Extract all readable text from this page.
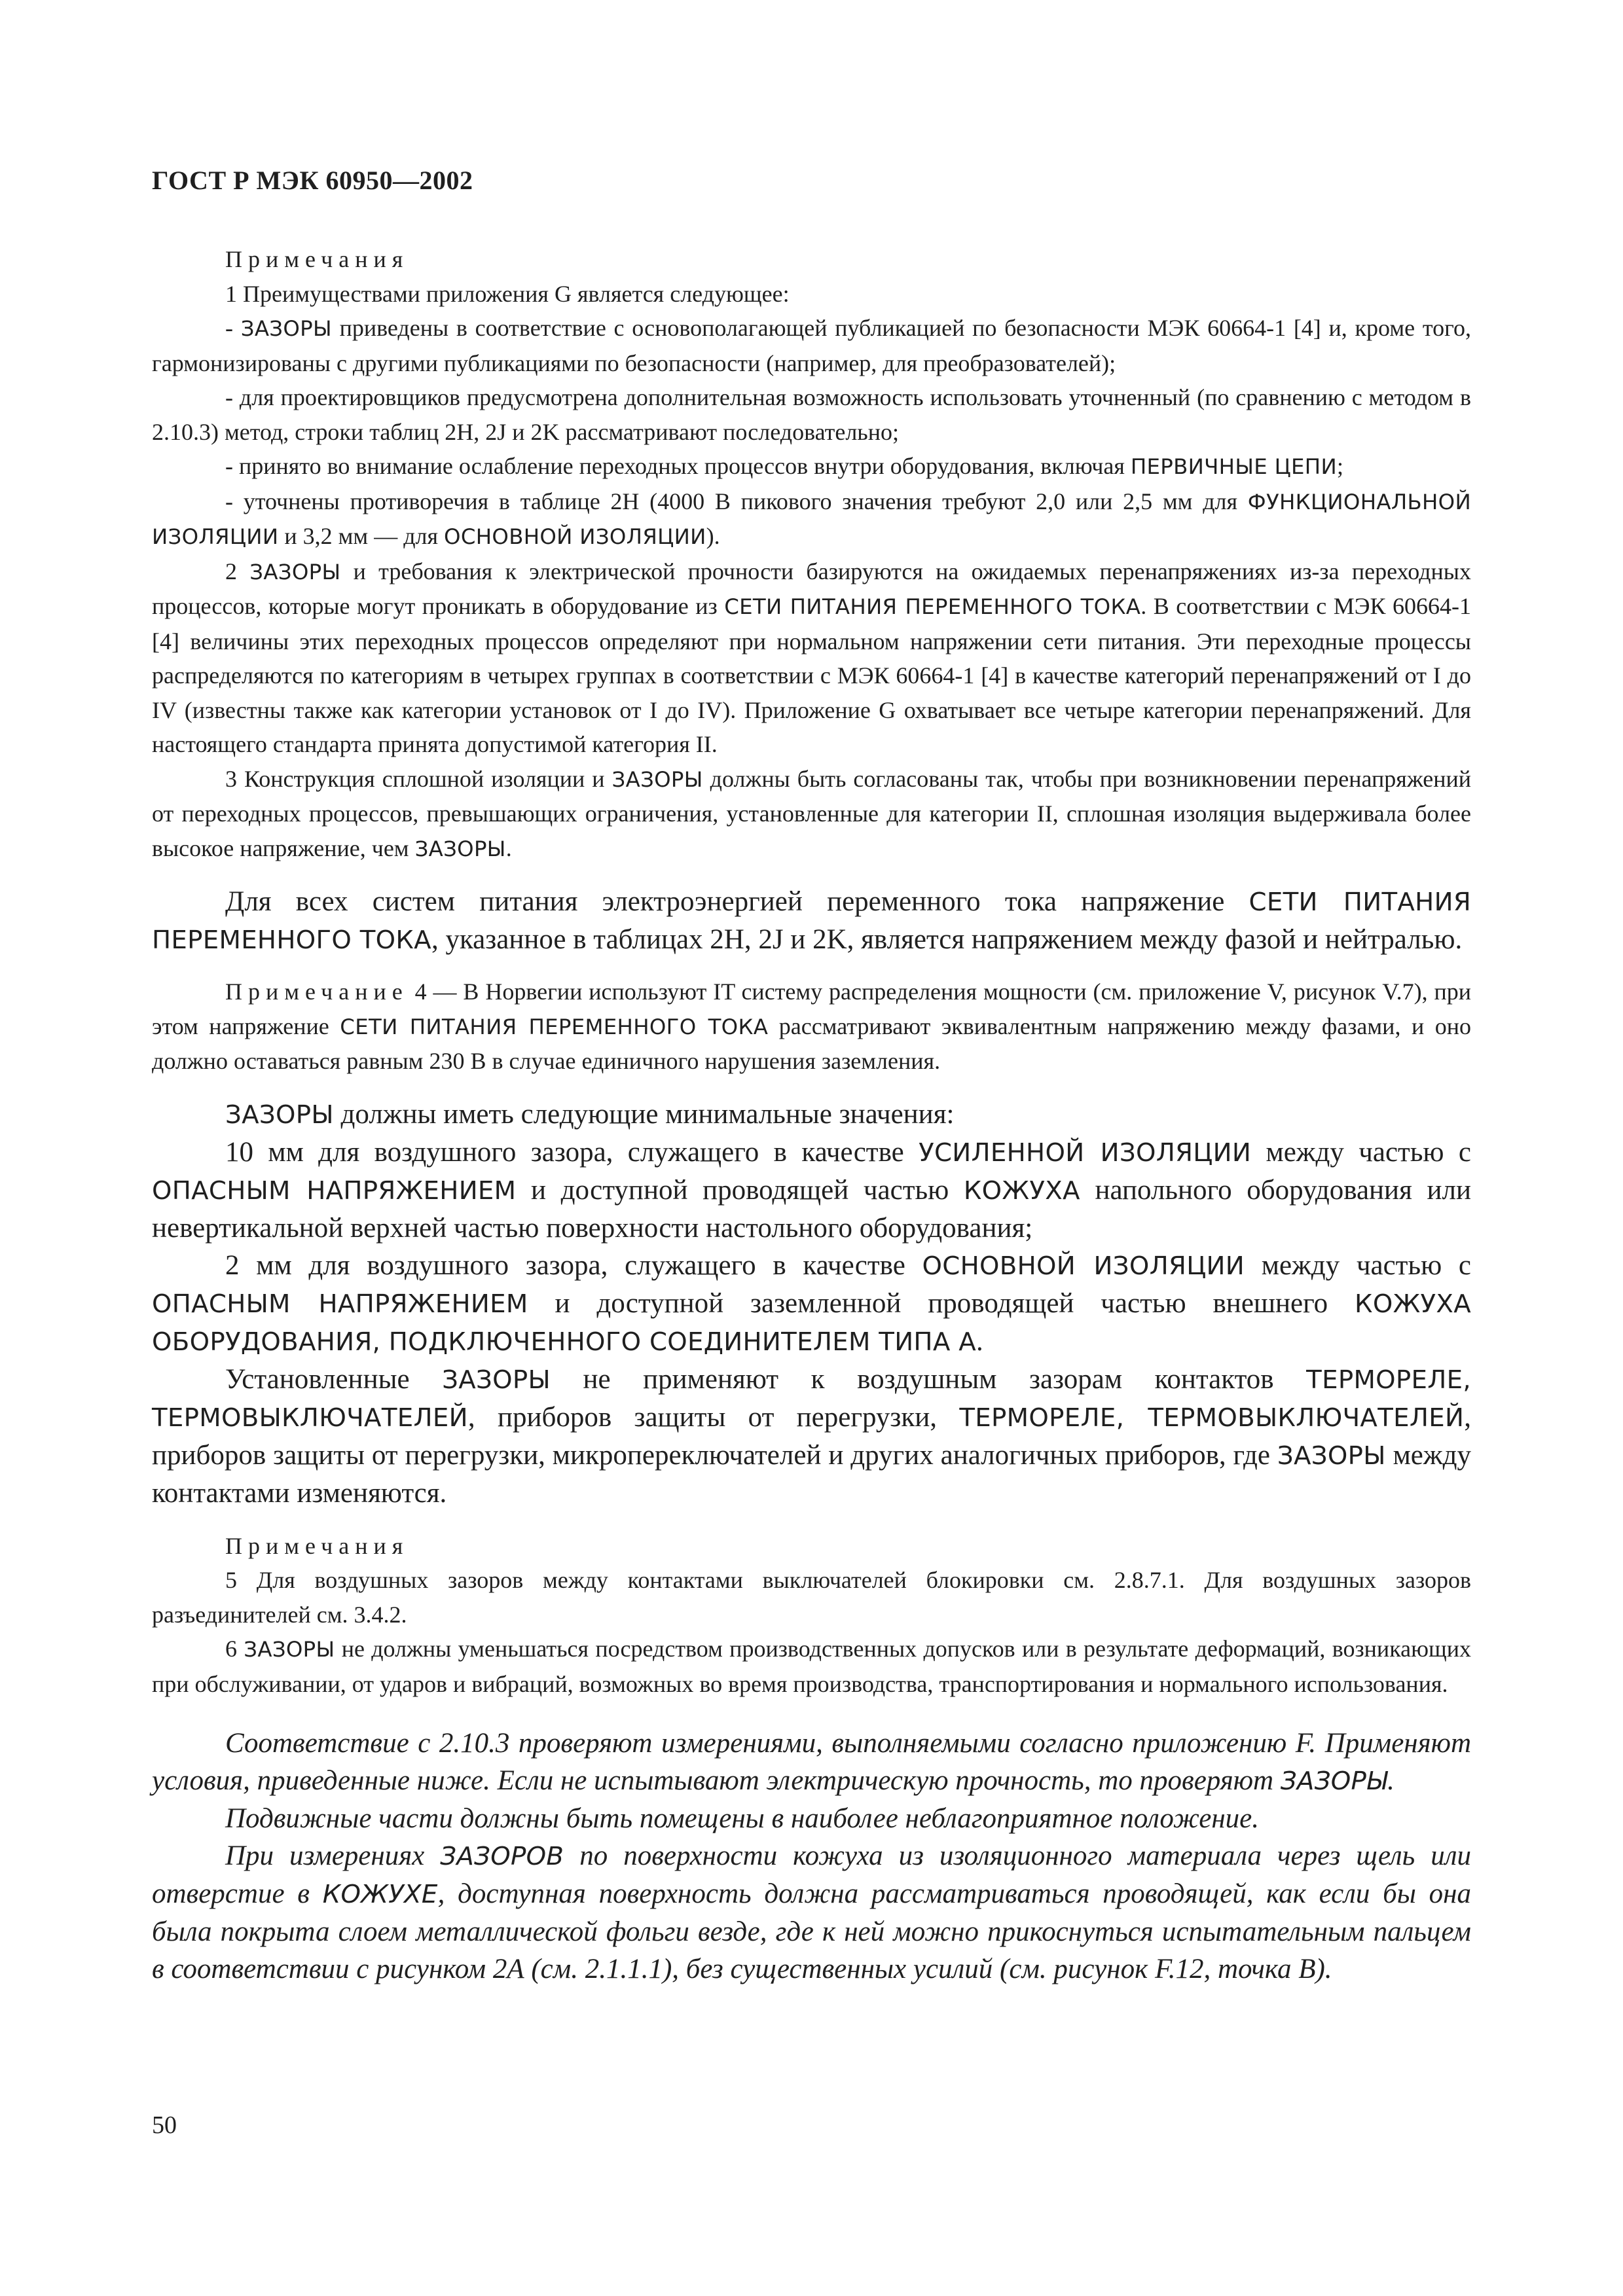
ГОСТ Р МЭК 60950—2002

Примечания

1 Преимуществами приложения G является следующее:

- ЗАЗОРЫ приведены в соответствие с основополагающей публикацией по безопасности МЭК 60664-1 [4] и, кроме того, гармонизированы с другими публикациями по безопасности (например, для преобразователей);

- для проектировщиков предусмотрена дополнительная возможность использовать уточненный (по сравнению с методом в 2.10.3) метод, строки таблиц 2H, 2J и 2K рассматривают последовательно;

- принято во внимание ослабление переходных процессов внутри оборудования, включая ПЕРВИЧНЫЕ ЦЕПИ;

- уточнены противоречия в таблице 2H (4000 В пикового значения требуют 2,0 или 2,5 мм для ФУНКЦИОНАЛЬНОЙ ИЗОЛЯЦИИ и 3,2 мм — для ОСНОВНОЙ ИЗОЛЯЦИИ).

2 ЗАЗОРЫ и требования к электрической прочности базируются на ожидаемых перенапряжениях из-за переходных процессов, которые могут проникать в оборудование из СЕТИ ПИТАНИЯ ПЕРЕМЕННОГО ТОКА. В соответствии с МЭК 60664-1 [4] величины этих переходных процессов определяют при нормальном напряжении сети питания. Эти переходные процессы распределяются по категориям в четырех группах в соответствии с МЭК 60664-1 [4] в качестве категорий перенапряжений от I до IV (известны также как категории установок от I до IV). Приложение G охватывает все четыре категории перенапряжений. Для настоящего стандарта принята допустимой категория II.

3 Конструкция сплошной изоляции и ЗАЗОРЫ должны быть согласованы так, чтобы при возникновении перенапряжений от переходных процессов, превышающих ограничения, установленные для категории II, сплошная изоляция выдерживала более высокое напряжение, чем ЗАЗОРЫ.

Для всех систем питания электроэнергией переменного тока напряжение СЕТИ ПИТАНИЯ ПЕРЕМЕННОГО ТОКА, указанное в таблицах 2H, 2J и 2K, является напряжением между фазой и нейтралью.

Примечание 4 — В Норвегии используют IT систему распределения мощности (см. приложение V, рисунок V.7), при этом напряжение СЕТИ ПИТАНИЯ ПЕРЕМЕННОГО ТОКА рассматривают эквивалентным напряжению между фазами, и оно должно оставаться равным 230 В в случае единичного нарушения заземления.

ЗАЗОРЫ должны иметь следующие минимальные значения:

10 мм для воздушного зазора, служащего в качестве УСИЛЕННОЙ ИЗОЛЯЦИИ между частью с ОПАСНЫМ НАПРЯЖЕНИЕМ и доступной проводящей частью КОЖУХА напольного оборудования или невертикальной верхней частью поверхности настольного оборудования;

2 мм для воздушного зазора, служащего в качестве ОСНОВНОЙ ИЗОЛЯЦИИ между частью с ОПАСНЫМ НАПРЯЖЕНИЕМ и доступной заземленной проводящей частью внешнего КОЖУХА ОБОРУДОВАНИЯ, ПОДКЛЮЧЕННОГО СОЕДИНИТЕЛЕМ ТИПА А.

Установленные ЗАЗОРЫ не применяют к воздушным зазорам контактов ТЕРМОРЕЛЕ, ТЕРМОВЫКЛЮЧАТЕЛЕЙ, приборов защиты от перегрузки, ТЕРМОРЕЛЕ, ТЕРМОВЫКЛЮЧАТЕЛЕЙ, приборов защиты от перегрузки, микропереключателей и других аналогичных приборов, где ЗАЗОРЫ между контактами изменяются.

Примечания

5 Для воздушных зазоров между контактами выключателей блокировки см. 2.8.7.1. Для воздушных зазоров разъединителей см. 3.4.2.

6 ЗАЗОРЫ не должны уменьшаться посредством производственных допусков или в результате деформаций, возникающих при обслуживании, от ударов и вибраций, возможных во время производства, транспортирования и нормального использования.

Соответствие с 2.10.3 проверяют измерениями, выполняемыми согласно приложению F. Применяют условия, приведенные ниже. Если не испытывают электрическую прочность, то проверяют ЗАЗОРЫ.

Подвижные части должны быть помещены в наиболее неблагоприятное положение.

При измерениях ЗАЗОРОВ по поверхности кожуха из изоляционного материала через щель или отверстие в КОЖУХЕ, доступная поверхность должна рассматриваться проводящей, как если бы она была покрыта слоем металлической фольги везде, где к ней можно прикоснуться испытательным пальцем в соответствии с рисунком 2А (см. 2.1.1.1), без существенных усилий (см. рисунок F.12, точка B).

50
